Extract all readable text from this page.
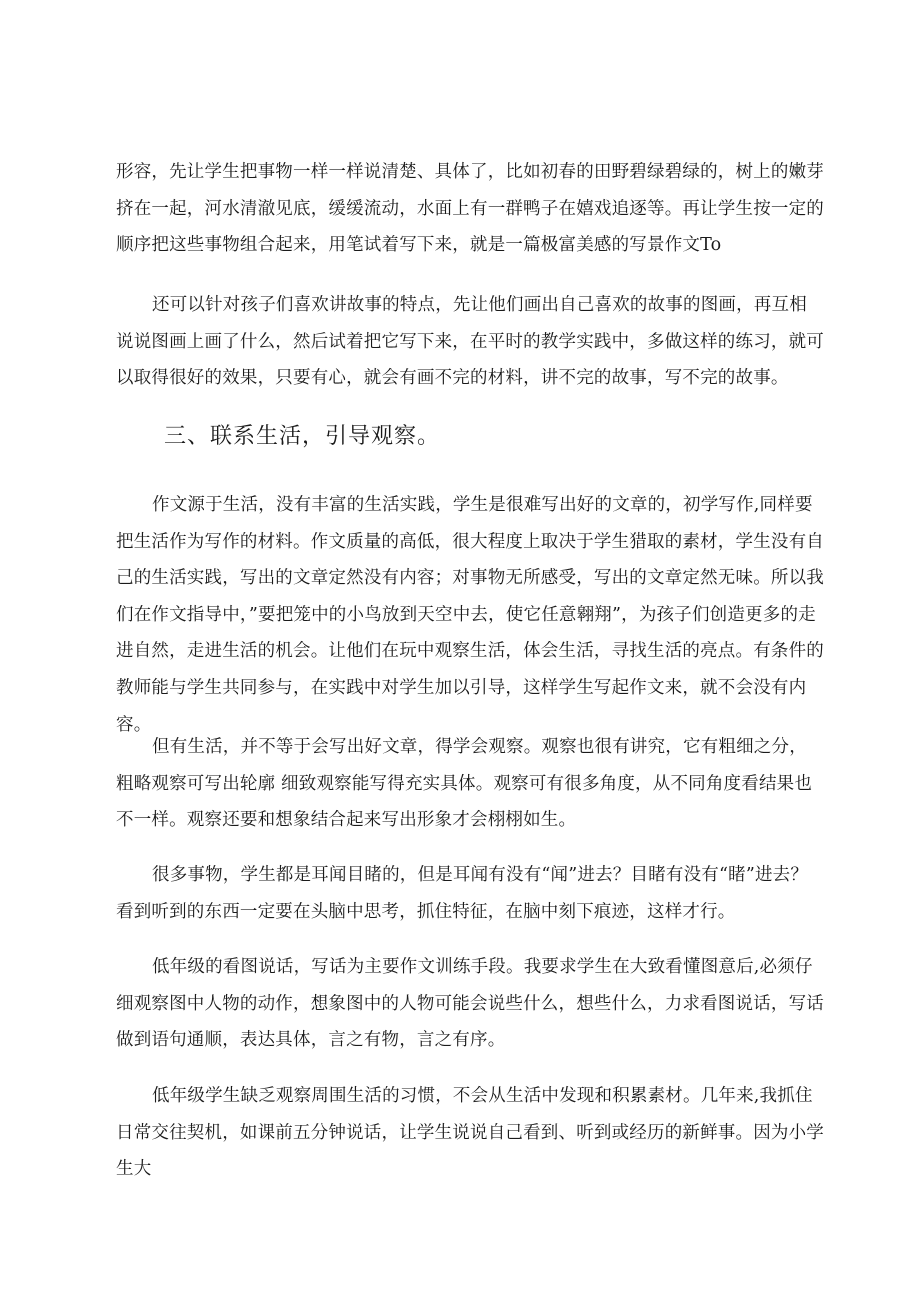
形容，先让学生把事物一样一样说清楚、具体了，比如初春的田野碧绿碧绿的，树上的嫩芽挤在一起，河水清澈见底，缓缓流动，水面上有一群鸭子在嬉戏追逐等。再让学生按一定的顺序把这些事物组合起来，用笔试着写下来，就是一篇极富美感的写景作文To

还可以针对孩子们喜欢讲故事的特点，先让他们画出自己喜欢的故事的图画，再互相说说图画上画了什么，然后试着把它写下来，在平时的教学实践中，多做这样的练习，就可以取得很好的效果，只要有心，就会有画不完的材料，讲不完的故事，写不完的故事。

三、联系生活，引导观察。

作文源于生活，没有丰富的生活实践，学生是很难写出好的文章的，初学写作,同样要把生活作为写作的材料。作文质量的高低，很大程度上取决于学生猎取的素材，学生没有自己的生活实践，写出的文章定然没有内容；对事物无所感受，写出的文章定然无味。所以我们在作文指导中，”要把笼中的小鸟放到天空中去，使它任意翱翔”，为孩子们创造更多的走进自然，走进生活的机会。让他们在玩中观察生活，体会生活，寻找生活的亮点。有条件的教师能与学生共同参与，在实践中对学生加以引导，这样学生写起作文来，就不会没有内容。

但有生活，并不等于会写出好文章，得学会观察。观察也很有讲究，它有粗细之分，粗略观察可写出轮廓 细致观察能写得充实具体。观察可有很多角度，从不同角度看结果也不一样。观察还要和想象结合起来写出形象才会栩栩如生。

很多事物，学生都是耳闻目睹的，但是耳闻有没有“闻”进去？目睹有没有“睹”进去？看到听到的东西一定要在头脑中思考，抓住特征，在脑中刻下痕迹，这样才行。

低年级的看图说话，写话为主要作文训练手段。我要求学生在大致看懂图意后,必须仔细观察图中人物的动作，想象图中的人物可能会说些什么，想些什么，力求看图说话，写话做到语句通顺，表达具体，言之有物，言之有序。

低年级学生缺乏观察周围生活的习惯，不会从生活中发现和积累素材。几年来,我抓住日常交往契机，如课前五分钟说话，让学生说说自己看到、听到或经历的新鲜事。因为小学生大
